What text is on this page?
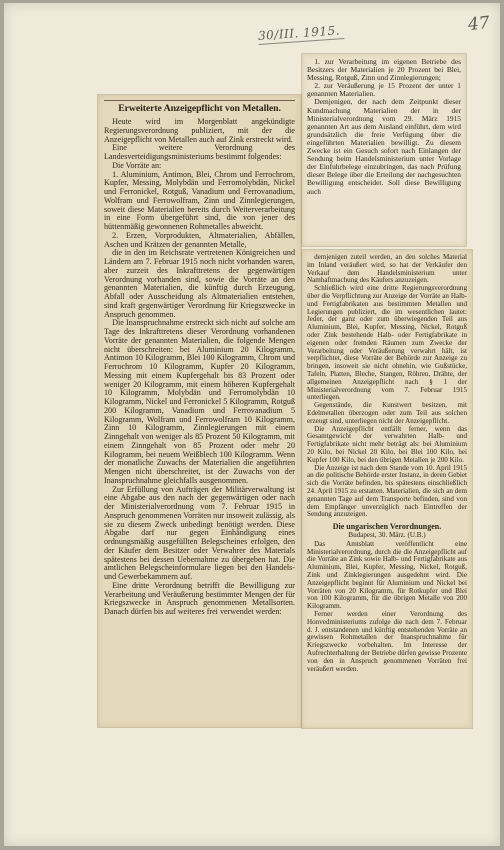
30/III. 1915.	47
Erweiterte Anzeigepflicht von Metallen.

Heute wird im Morgenblatt angekündigte Regierungsverordnung publiziert, mit der die Anzeigepflicht von Metallen auch auf Zink erstreckt wird.

Eine weitere Verordnung des Landesverteidigungsministeriums bestimmt folgendes:

Die Vorräte an:

1. Aluminium, Antimon, Blei, Chrom und Ferrochrom, Kupfer, Messing, Molybdän und Ferromolybdän, Nickel und Ferronickel, Rotguß, Vanadium und Ferrovanadium, Wolfram und Ferrowolfram, Zinn und Zinnlegierungen, soweit diese Materialien bereits durch Weiterverarbeitung in eine Form übergeführt sind, die von jener des hüttenmäßig gewonnenen Rohmetalles abweicht.

2. Erzen, Vorprodukten, Altmaterialien, Abfällen, Aschen und Krätzen der genannten Metalle,

die in den im Reichsrate vertretenen Königreichen und Ländern am 7. Februar 1915 noch nicht vorhanden waren, aber zurzeit des Inkrafttretens der gegenwärtigen Verordnung vorhanden sind, sowie die Vorräte an den genannten Materialien, die künftig durch Erzeugung, Abfall oder Ausscheidung als Altmaterialien entstehen, sind kraft gegenwärtiger Verordnung für Kriegszwecke in Anspruch genommen.

Die Inanspruchnahme erstreckt sich nicht auf solche am Tage des Inkrafttretens dieser Verordnung vorhandenen Vorräte der genannten Materialien, die folgende Mengen nicht überschreiten: bei Aluminium 20 Kilogramm, Antimon 10 Kilogramm, Blei 100 Kilogramm, Chrom und Ferrochrom 10 Kilogramm, Kupfer 20 Kilogramm, Messing mit einem Kupfergehalt bis 83 Prozent oder weniger 20 Kilogramm, mit einem höheren Kupfergehalt 10 Kilogramm, Molybdän und Ferromolybdän 10 Kilogramm, Nickel und Ferronickel 5 Kilogramm, Rotguß 200 Kilogramm, Vanadium und Ferrovanadium 5 Kilogramm, Wolfram und Ferrowolfram 10 Kilogramm, Zinn 10 Kilogramm, Zinnlegierungen mit einem Zinngehalt von weniger als 85 Prozent 50 Kilogramm, mit einem Zinngehalt von 85 Prozent oder mehr 20 Kilogramm, bei neuem Weißblech 100 Kilogramm. Wenn der monatliche Zuwachs der Materialien die angeführten Mengen nicht überschreitet, ist der Zuwachs von der Inanspruchnahme gleichfalls ausgenommen.

Zur Erfüllung von Aufträgen der Militärverwaltung ist eine Abgabe aus den nach der gegenwärtigen oder nach der Ministerialverordnung vom 7. Februar 1915 in Anspruch genommenen Vorräten nur insoweit zulässig, als sie zu diesem Zweck unbedingt benötigt werden. Diese Abgabe darf nur gegen Einhändigung eines ordnungsmäßig ausgefüllten Belegscheines erfolgen, den der Käufer dem Besitzer oder Verwahrer des Materials spätestens bei dessen Uebernahme zu übergeben hat. Die amtlichen Belegscheinformulare liegen bei den Handels- und Gewerbekammern auf.

Eine dritte Verordnung betrifft die Bewilligung zur Verarbeitung und Veräußerung bestimmter Mengen der für Kriegszwecke in Anspruch genommenen Metallsorten. Danach dürfen bis auf weiteres frei verwendet werden:

1. zur Verarbeitung im eigenen Betriebe des Besitzers der Materialien je 20 Prozent bei Blei, Messing, Rotguß, Zinn und Zinnlegierungen;

2. zur Veräußerung je 15 Prozent der unter 1 genannten Materialien.

Demjenigen, der nach dem Zeitpunkt dieser Kundmachung Materialien der in der Ministerialverordnung vom 29. März 1915 genannten Art aus dem Ausland einführt, dem wird grundsätzlich die freie Verfügung über die eingeführten Materialien bewilligt. Zu diesem Zwecke ist ein Gesuch sofort nach Einlangen der Sendung beim Handelsministerium unter Vorlage der Einfuhrbelege einzubringen, das nach Prüfung dieser Belege über die Erteilung der nachgesuchten Bewilligung entscheidet. Soll diese Bewilligung auch

demjenigen zuteil werden, an den solches Material im Inland veräußert wird, so hat der Verkäufer den Verkauf dem Handelsministerium unter Namhaftmachung des Käufers anzuzeigen.

Schließlich wird eine dritte Regierungsverordnung über die Verpflichtung zur Anzeige der Vorräte an Halb- und Fertigfabrikaten aus bestimmten Metallen und Legierungen publiziert, die im wesentlichen lautet: Jeder, der ganz oder zum überwiegenden Teil aus Aluminium, Blei, Kupfer, Messing, Nickel, Rotguß oder Zink bestehende Halb- oder Fertigfabrikate in eigenen oder fremden Räumen zum Zwecke der Verarbeitung oder Veräußerung verwahrt hält, ist verpflichtet, diese Vorräte der Behörde zur Anzeige zu bringen, insoweit sie nicht ohnehin, wie Gußstücke, Tafeln, Platten, Bleche, Stangen, Röhren, Drähte, der allgemeinen Anzeigepflicht nach § 1 der Ministerialverordnung vom 7. Februar 1915 unterliegen.

Gegenstände, die Kunstwert besitzen, mit Edelmetallen überzogen oder zum Teil aus solchen erzeugt sind, unterliegen nicht der Anzeigepflicht.

Die Anzeigepflicht entfällt ferner, wenn das Gesamtgewicht der verwahrten Halb- und Fertigfabrikate nicht mehr beträgt als: bei Aluminium 20 Kilo, bei Nickel 20 Kilo, bei Blei 100 Kilo, bei Kupfer 100 Kilo, bei den übrigen Metallen je 200 Kilo.

Die Anzeige ist nach dem Stande vom 10. April 1915 an die politische Behörde erster Instanz, in deren Gebiet sich die Vorräte befinden, bis spätestens einschließlich 24. April 1915 zu erstatten. Materialien, die sich an dem genannten Tage auf dem Transporte befinden, sind von dem Empfänger unverzüglich nach Eintreffen der Sendung anzuzeigen.

Die ungarischen Verordnungen.

Budapest, 30. März. (U.B.)

Das Amtsblatt veröffentlicht eine Ministerialverordnung, durch die die Anzeigepflicht auf die Vorräte an Zink sowie Halb- und Fertigfabrikate aus Aluminium, Blei, Kupfer, Messing, Nickel, Rotguß, Zink und Zinklegierungen ausgedehnt wird. Die Anzeigepflicht beginnt für Aluminium und Nickel bei Vorräten von 20 Kilogramm, für Rotkupfer und Blei von 100 Kilogramm, für die übrigen Metalle von 200 Kilogramm.

Ferner werden einer Verordnung des Honvedministeriums zufolge die nach dem 7. Februar d. J. entstandenen und künftig entstehenden Vorräte an gewissen Rohmetallen der Inanspruchnahme für Kriegszwecke vorbehalten. Im Interesse der Aufrechterhaltung der Betriebe dürfen gewisse Prozente von den in Anspruch genommenen Vorräten frei veräußert werden.
